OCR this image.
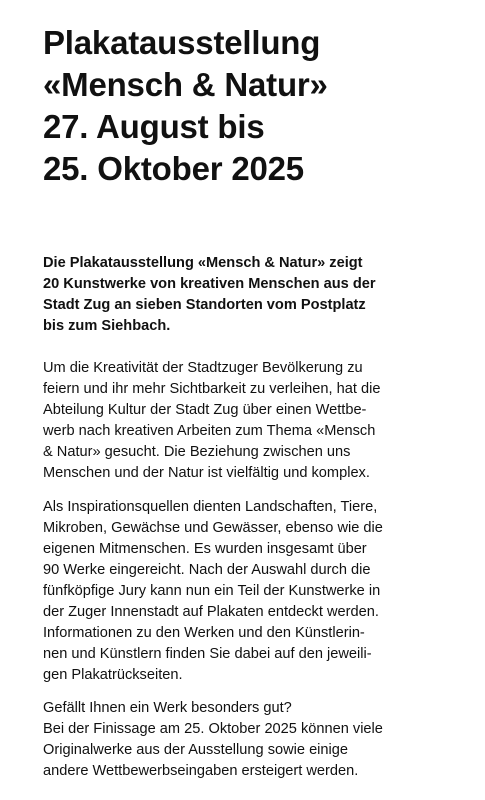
Plakatausstellung
«Mensch & Natur»
27. August bis
25. Oktober 2025

Die Plakatausstellung «Mensch & Natur» zeigt
20 Kunstwerke von kreativen Menschen aus der
Stadt Zug an sieben Standorten vom Postplatz
bis zum Siehbach.

Um die Kreativität der Stadtzuger Bevölkerung zu
feiern und ihr mehr Sichtbarkeit zu verleihen, hat die
Abteilung Kultur der Stadt Zug über einen Wettbe-
werb nach kreativen Arbeiten zum Thema «Mensch
& Natur» gesucht. Die Beziehung zwischen uns
Menschen und der Natur ist vielfältig und komplex.

Als Inspirationsquellen dienten Landschaften, Tiere,
Mikroben, Gewächse und Gewässer, ebenso wie die
eigenen Mitmenschen. Es wurden insgesamt über
90 Werke eingereicht. Nach der Auswahl durch die
fünfköpfige Jury kann nun ein Teil der Kunstwerke in
der Zuger Innenstadt auf Plakaten entdeckt werden.
Informationen zu den Werken und den Künstlerin-
nen und Künstlern finden Sie dabei auf den jeweili-
gen Plakatrückseiten.

Gefällt Ihnen ein Werk besonders gut?
Bei der Finissage am 25. Oktober 2025 können viele
Originalwerke aus der Ausstellung sowie einige
andere Wettbewerbseingaben ersteigert werden.
